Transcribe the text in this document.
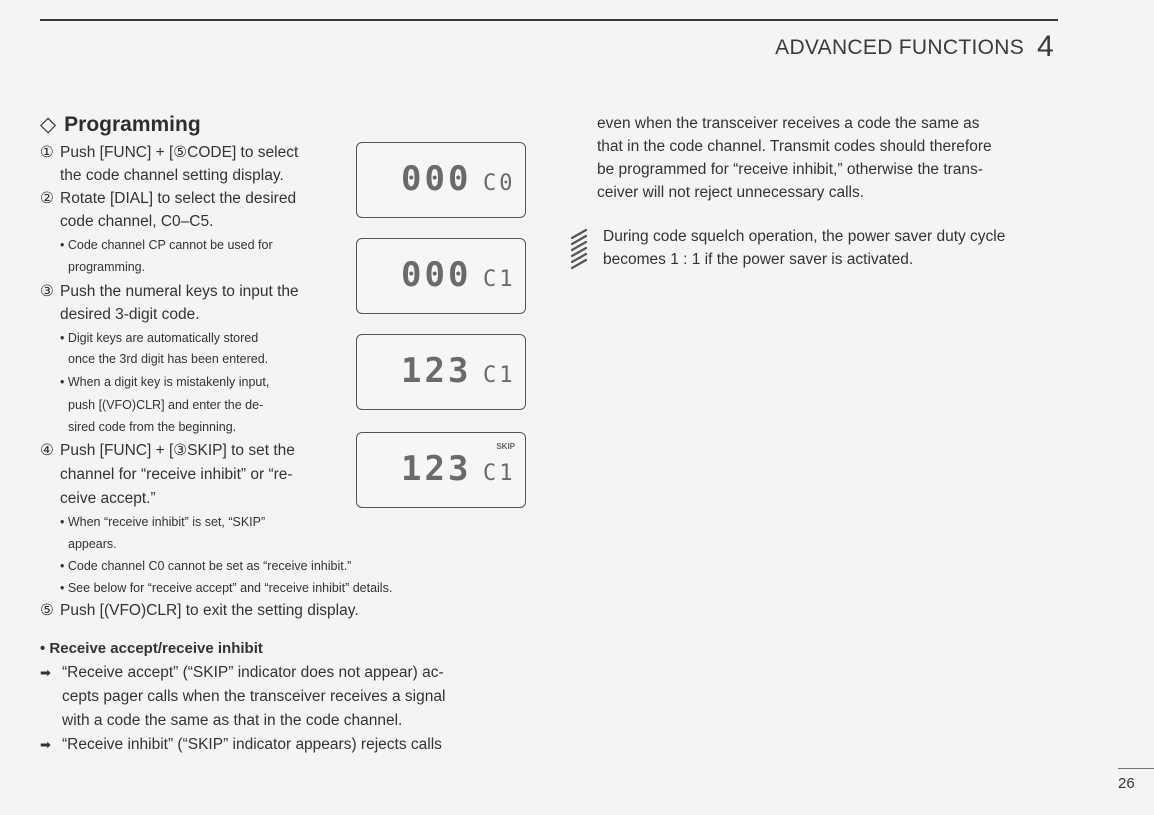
ADVANCED FUNCTIONS 4
◇ Programming
① Push [FUNC] + [⑤CODE] to select
the code channel setting display.
② Rotate [DIAL] to select the desired
code channel, C0–C5.
• Code channel CP cannot be used for
programming.
③ Push the numeral keys to input the
desired 3-digit code.
• Digit keys are automatically stored
once the 3rd digit has been entered.
• When a digit key is mistakenly input,
push [(VFO)CLR] and enter the de-
sired code from the beginning.
④ Push [FUNC] + [③SKIP] to set the
channel for “receive inhibit” or “re-
ceive accept.”
• When “receive inhibit” is set, “SKIP”
appears.
• Code channel C0 cannot be set as “receive inhibit.”
• See below for “receive accept” and “receive inhibit” details.
⑤ Push [(VFO)CLR] to exit the setting display.
000 C0
000 C1
123 C1
SKIP
123 C1
• Receive accept/receive inhibit
➡ “Receive accept” (“SKIP” indicator does not appear) ac-
cepts pager calls when the transceiver receives a signal
with a code the same as that in the code channel.
➡ “Receive inhibit” (“SKIP” indicator appears) rejects calls
even when the transceiver receives a code the same as
that in the code channel. Transmit codes should therefore
be programmed for “receive inhibit,” otherwise the trans-
ceiver will not reject unnecessary calls.
During code squelch operation, the power saver duty cycle
becomes 1 : 1 if the power saver is activated.
26
